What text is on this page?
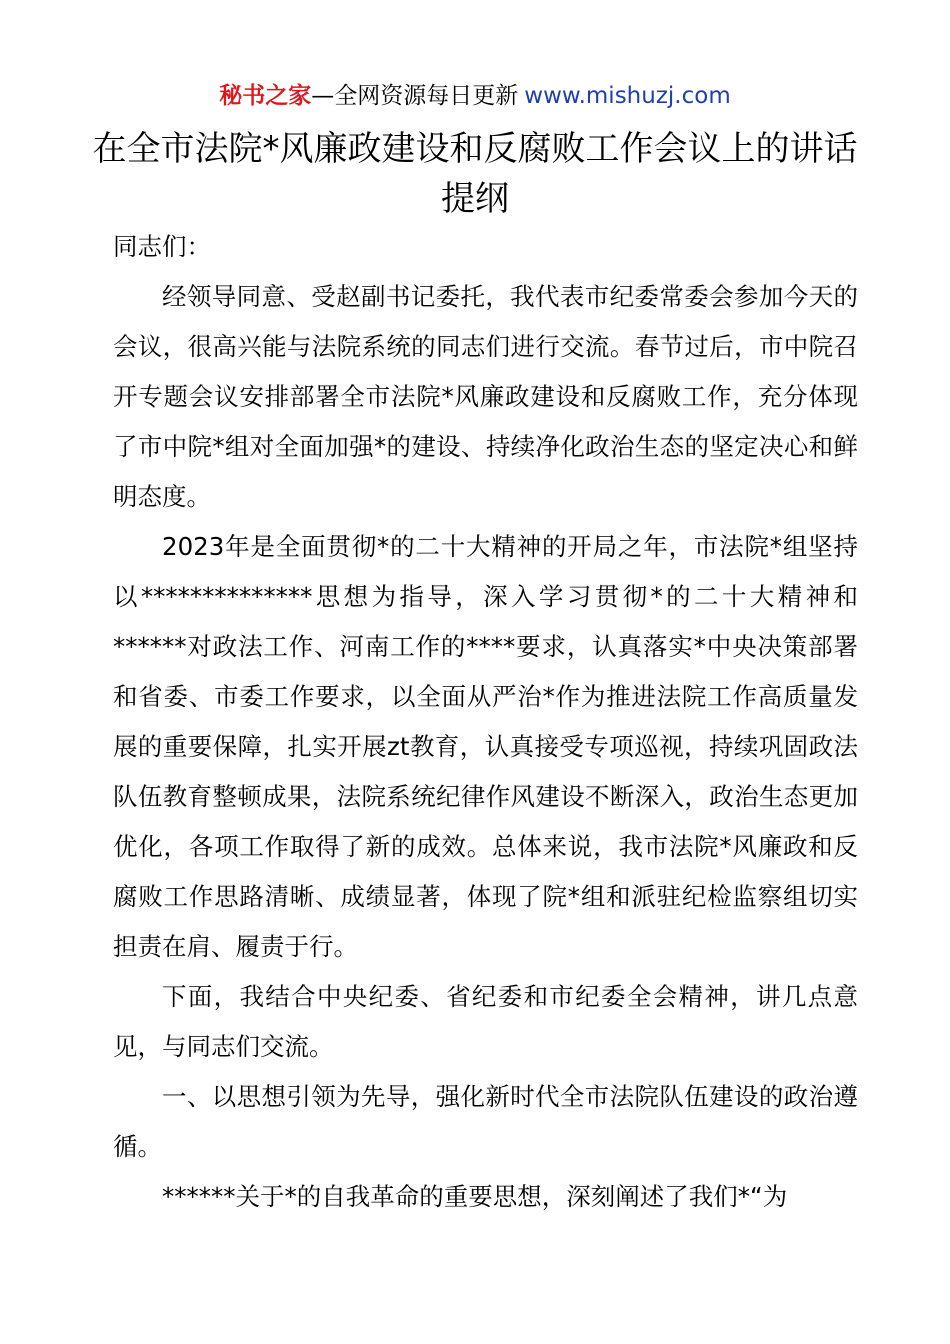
秘书之家—全网资源每日更新 www.mishuzj.com
在全市法院*风廉政建设和反腐败工作会议上的讲话提纲

同志们：

经领导同意、受赵副书记委托，我代表市纪委常委会参加今天的会议，很高兴能与法院系统的同志们进行交流。春节过后，市中院召开专题会议安排部署全市法院*风廉政建设和反腐败工作，充分体现了市中院*组对全面加强*的建设、持续净化政治生态的坚定决心和鲜明态度。

2023年是全面贯彻*的二十大精神的开局之年，市法院*组坚持以**************思想为指导，深入学习贯彻*的二十大精神和******对政法工作、河南工作的****要求，认真落实*中央决策部署和省委、市委工作要求，以全面从严治*作为推进法院工作高质量发展的重要保障，扎实开展zt教育，认真接受专项巡视，持续巩固政法队伍教育整顿成果，法院系统纪律作风建设不断深入，政治生态更加优化，各项工作取得了新的成效。总体来说，我市法院*风廉政和反腐败工作思路清晰、成绩显著，体现了院*组和派驻纪检监察组切实担责在肩、履责于行。

下面，我结合中央纪委、省纪委和市纪委全会精神，讲几点意见，与同志们交流。

一、以思想引领为先导，强化新时代全市法院队伍建设的政治遵循。

******关于*的自我革命的重要思想，深刻阐述了我们*“为
